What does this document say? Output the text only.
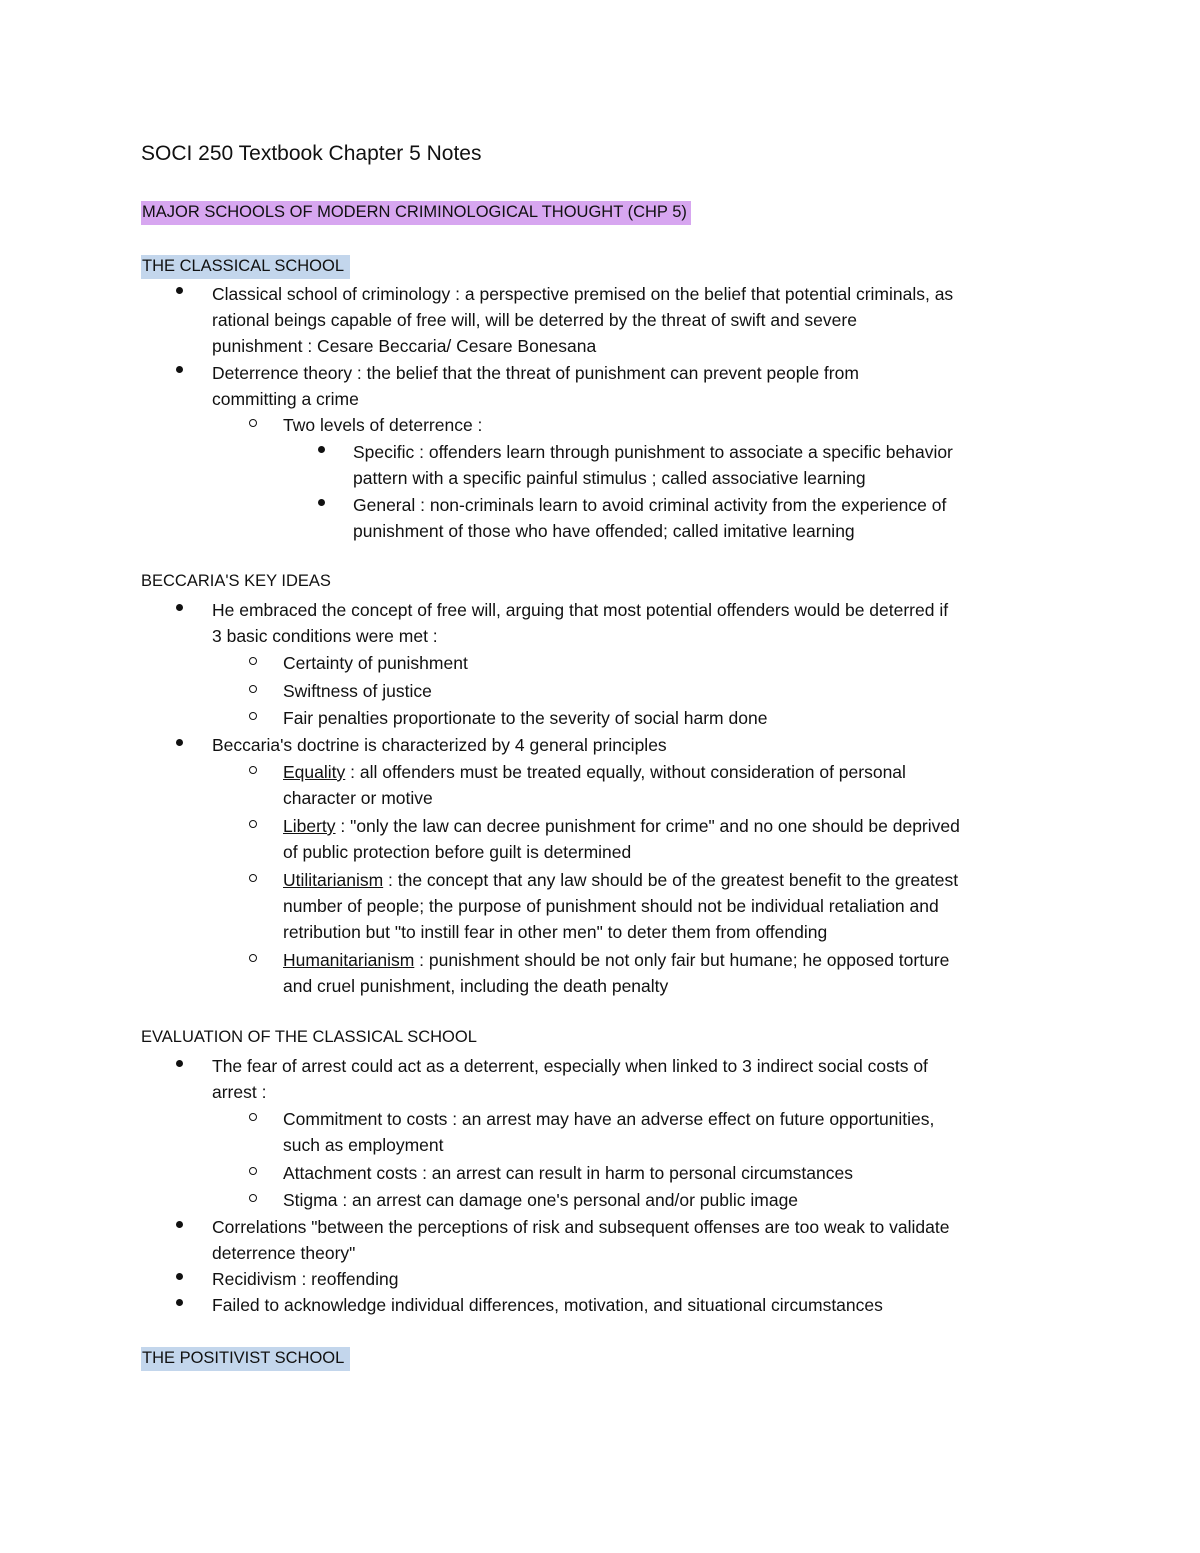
SOCI 250 Textbook Chapter 5 Notes
MAJOR SCHOOLS OF MODERN CRIMINOLOGICAL THOUGHT (CHP 5)
THE CLASSICAL SCHOOL
Classical school of criminology : a perspective premised on the belief that potential criminals, as
rational beings capable of free will, will be deterred by the threat of swift and severe
punishment : Cesare Beccaria/ Cesare Bonesana
Deterrence theory : the belief that the threat of punishment can prevent people from
committing a crime
Two levels of deterrence :
Specific : offenders learn through punishment to associate a specific behavior
pattern with a specific painful stimulus ; called associative learning
General : non-criminals learn to avoid criminal activity from the experience of
punishment of those who have offended; called imitative learning
BECCARIA'S KEY IDEAS
He embraced the concept of free will, arguing that most potential offenders would be deterred if
3 basic conditions were met :
Certainty of punishment
Swiftness of justice
Fair penalties proportionate to the severity of social harm done
Beccaria's doctrine is characterized by 4 general principles
Equality : all offenders must be treated equally, without consideration of personal
character or motive
Liberty : "only the law can decree punishment for crime" and no one should be deprived
of public protection before guilt is determined
Utilitarianism : the concept that any law should be of the greatest benefit to the greatest
number of people; the purpose of punishment should not be individual retaliation and
retribution but "to instill fear in other men" to deter them from offending
Humanitarianism : punishment should be not only fair but humane; he opposed torture
and cruel punishment, including the death penalty
EVALUATION OF THE CLASSICAL SCHOOL
The fear of arrest could act as a deterrent, especially when linked to 3 indirect social costs of
arrest :
Commitment to costs : an arrest may have an adverse effect on future opportunities,
such as employment
Attachment costs : an arrest can result in harm to personal circumstances
Stigma : an arrest can damage one's personal and/or public image
Correlations "between the perceptions of risk and subsequent offenses are too weak to validate
deterrence theory"
Recidivism : reoffending
Failed to acknowledge individual differences, motivation, and situational circumstances
THE POSITIVIST SCHOOL
